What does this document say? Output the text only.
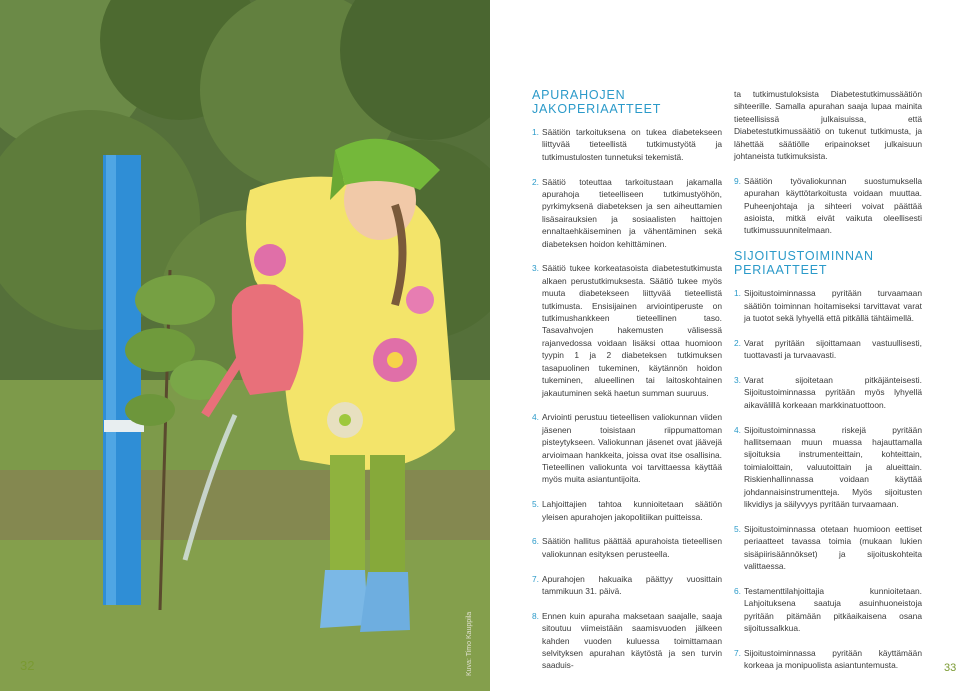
32	Kuva: Timo Kauppila
APURAHOJEN
JAKOPERIAATTEET
1. Säätiön tarkoituksena on tukea diabetekseen liittyvää tieteellistä tutkimustyötä ja tutkimustulosten tunnetuksi tekemistä.
2. Säätiö toteuttaa tarkoitustaan jakamalla apurahoja tieteelliseen tutkimustyöhön, pyrkimyksenä diabeteksen ja sen aiheuttamien lisäsairauksien ja sosiaalisten haittojen ennaltaehkäiseminen ja vähentäminen sekä diabeteksen hoidon kehittäminen.
3. Säätiö tukee korkeatasoista diabetestutkimusta alkaen perustutkimuksesta. Säätiö tukee myös muuta diabetekseen liittyvää tieteellistä tutkimusta. Ensisijainen arviointiperuste on tutkimushankkeen tieteellinen taso. Tasavahvojen hakemusten välisessä rajanvedossa voidaan lisäksi ottaa huomioon tyypin 1 ja 2 diabeteksen tutkimuksen tasapuolinen tukeminen, käytännön hoidon tukeminen, alueellinen tai laitoskohtainen jakautuminen sekä haetun summan suuruus.
4. Arviointi perustuu tieteellisen valiokunnan viiden jäsenen toisistaan riippumattoman pisteytykseen. Valiokunnan jäsenet ovat jäävejä arvioimaan hankkeita, joissa ovat itse osallisina. Tieteellinen valiokunta voi tarvittaessa käyttää myös muita asiantuntijoita.
5. Lahjoittajien tahtoa kunnioitetaan säätiön yleisen apurahojen jakopolitiikan puitteissa.
6. Säätiön hallitus päättää apurahoista tieteellisen valiokunnan esityksen perusteella.
7. Apurahojen hakuaika päättyy vuosittain tammikuun 31. päivä.
8. Ennen kuin apuraha maksetaan saajalle, saaja sitoutuu viimeistään saamisvuoden jälkeen kahden vuoden kuluessa toimittamaan selvityksen apurahan käytöstä ja sen turvin saaduis-
ta tutkimustuloksista Diabetestutkimussäätiön sihteerille. Samalla apurahan saaja lupaa mainita tieteellisissä julkaisuissa, että Diabetestutkimussäätiö on tukenut tutkimusta, ja lähettää säätiölle eripainokset julkaisuun johtaneista tutkimuksista.
9. Säätiön työvaliokunnan suostumuksella apurahan käyttötarkoitusta voidaan muuttaa. Puheenjohtaja ja sihteeri voivat päättää asioista, mitkä eivät vaikuta oleellisesti tutkimussuunnitelmaan.
SIJOITUSTOIMINNAN
PERIAATTEET
1. Sijoitustoiminnassa pyritään turvaamaan säätiön toiminnan hoitamiseksi tarvittavat varat ja tuotot sekä lyhyellä että pitkällä tähtäimellä.
2. Varat pyritään sijoittamaan vastuullisesti, tuottavasti ja turvaavasti.
3. Varat sijoitetaan pitkäjänteisesti. Sijoitustoiminnassa pyritään myös lyhyellä aikavälillä korkeaan markkinatuottoon.
4. Sijoitustoiminnassa riskejä pyritään hallitsemaan muun muassa hajauttamalla sijoituksia instrumenteittain, kohteittain, toimialoittain, valuutoittain ja alueittain. Riskienhallinnassa voidaan käyttää johdannaisinstrumentteja. Myös sijoitusten likvidiys ja säilyvyys pyritään turvaamaan.
5. Sijoitustoiminnassa otetaan huomioon eettiset periaatteet tavassa toimia (mukaan lukien sisäpiirisäännökset) ja sijoituskohteita valittaessa.
6. Testamenttilahjoittajia kunnioitetaan. Lahjoituksena saatuja asuinhuoneistoja pyritään pitämään pitkäaikaisena osana sijoitussalkkua.
7. Sijoitustoiminnassa pyritään käyttämään korkeaa ja monipuolista asiantuntemusta.	33
